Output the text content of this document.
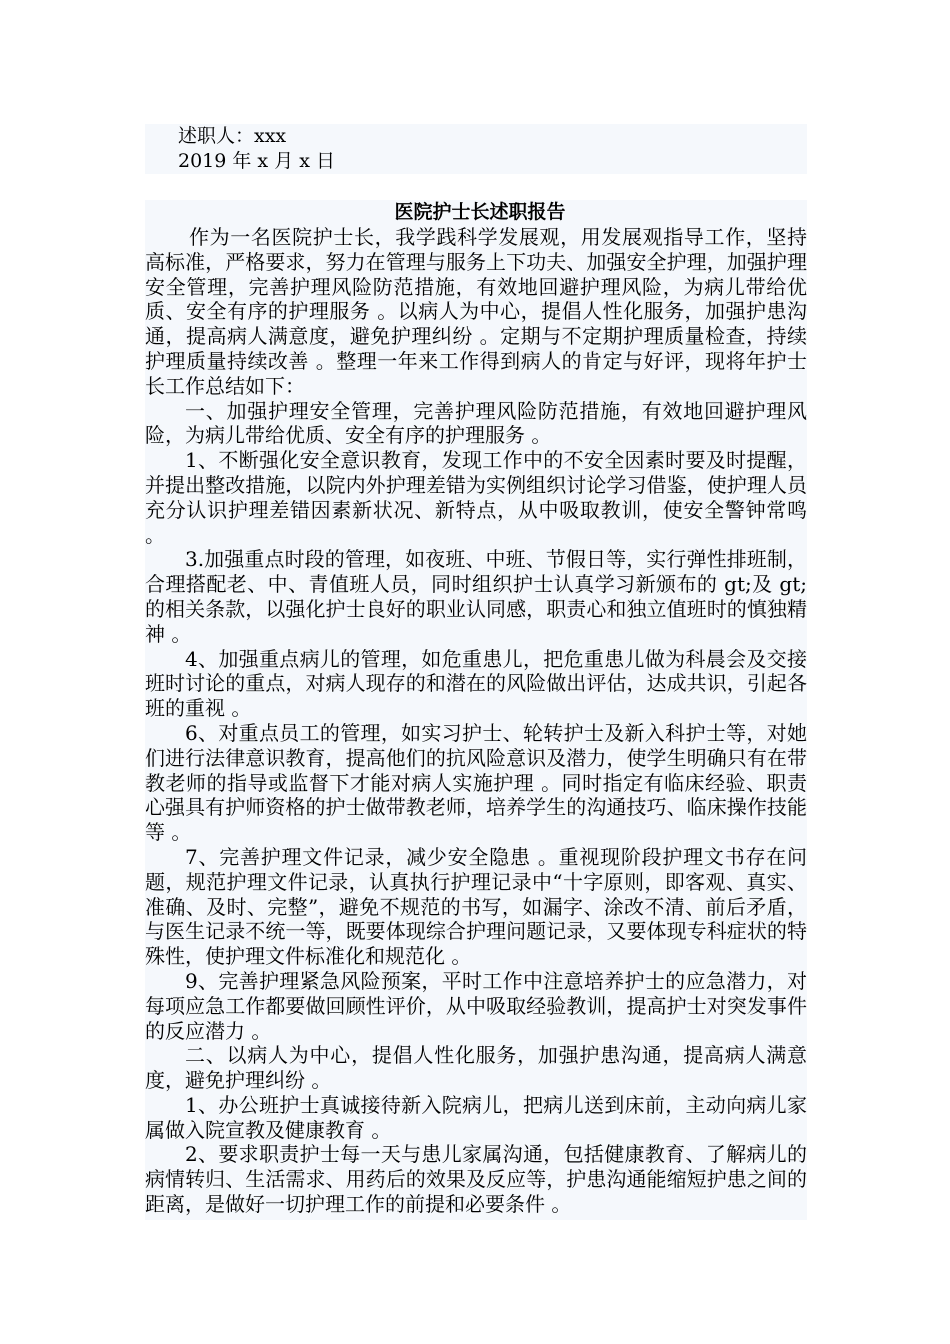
述职人：xxx
2019 年 x 月 x 日
医院护士长述职报告

作为一名医院护士长，我学践科学发展观，用发展观指导工作，坚持高标准，严格要求，努力在管理与服务上下功夫、加强安全护理，加强护理安全管理，完善护理风险防范措施，有效地回避护理风险，为病儿带给优质、安全有序的护理服务 。以病人为中心，提倡人性化服务，加强护患沟通，提高病人满意度，避免护理纠纷 。定期与不定期护理质量检查，持续护理质量持续改善 。整理一年来工作得到病人的肯定与好评，现将年护士长工作总结如下：

一、加强护理安全管理，完善护理风险防范措施，有效地回避护理风险，为病儿带给优质、安全有序的护理服务 。

1、不断强化安全意识教育，发现工作中的不安全因素时要及时提醒，并提出整改措施，以院内外护理差错为实例组织讨论学习借鉴，使护理人员充分认识护理差错因素新状况、新特点，从中吸取教训，使安全警钟常鸣 。

3.加强重点时段的管理，如夜班、中班、节假日等，实行弹性排班制，合理搭配老、中、青值班人员，同时组织护士认真学习新颁布的 gt;及 gt;的相关条款，以强化护士良好的职业认同感，职责心和独立值班时的慎独精神 。

4、加强重点病儿的管理，如危重患儿，把危重患儿做为科晨会及交接班时讨论的重点，对病人现存的和潜在的风险做出评估，达成共识，引起各班的重视 。

6、对重点员工的管理，如实习护士、轮转护士及新入科护士等，对她们进行法律意识教育，提高他们的抗风险意识及潜力，使学生明确只有在带教老师的指导或监督下才能对病人实施护理 。同时指定有临床经验、职责心强具有护师资格的护士做带教老师，培养学生的沟通技巧、临床操作技能等 。

7、完善护理文件记录，减少安全隐患 。重视现阶段护理文书存在问题，规范护理文件记录，认真执行护理记录中“十字原则，即客观、真实、准确、及时、完整”，避免不规范的书写，如漏字、涂改不清、前后矛盾，与医生记录不统一等，既要体现综合护理问题记录，又要体现专科症状的特殊性，使护理文件标准化和规范化 。

9、完善护理紧急风险预案，平时工作中注意培养护士的应急潜力，对每项应急工作都要做回顾性评价，从中吸取经验教训，提高护士对突发事件的反应潜力 。

二、以病人为中心，提倡人性化服务，加强护患沟通，提高病人满意度，避免护理纠纷 。

1、办公班护士真诚接待新入院病儿，把病儿送到床前，主动向病儿家属做入院宣教及健康教育 。

2、要求职责护士每一天与患儿家属沟通，包括健康教育、了解病儿的病情转归、生活需求、用药后的效果及反应等，护患沟通能缩短护患之间的距离，是做好一切护理工作的前提和必要条件 。
